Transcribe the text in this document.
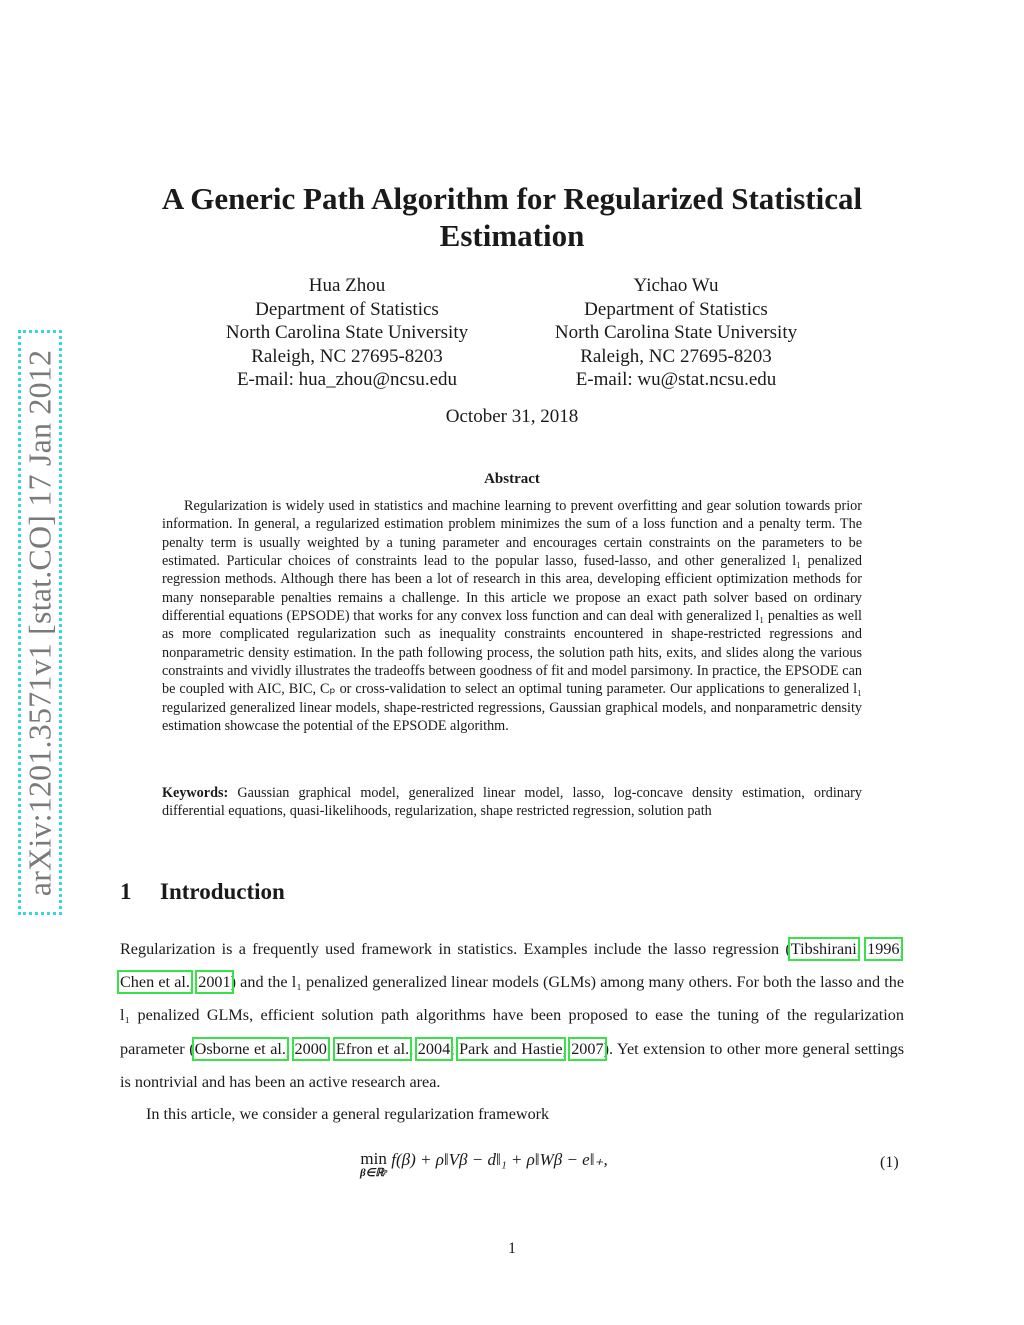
arXiv:1201.3571v1 [stat.CO] 17 Jan 2012
A Generic Path Algorithm for Regularized Statistical Estimation
Hua Zhou
Department of Statistics
North Carolina State University
Raleigh, NC 27695-8203
E-mail: hua_zhou@ncsu.edu
Yichao Wu
Department of Statistics
North Carolina State University
Raleigh, NC 27695-8203
E-mail: wu@stat.ncsu.edu
October 31, 2018
Abstract

Regularization is widely used in statistics and machine learning to prevent overfitting and gear solution towards prior information. In general, a regularized estimation problem minimizes the sum of a loss function and a penalty term. The penalty term is usually weighted by a tuning parameter and encourages certain constraints on the parameters to be estimated. Particular choices of constraints lead to the popular lasso, fused-lasso, and other generalized l₁ penalized regression methods. Although there has been a lot of research in this area, developing efficient optimization methods for many nonseparable penalties remains a challenge. In this article we propose an exact path solver based on ordinary differential equations (EPSODE) that works for any convex loss function and can deal with generalized l₁ penalties as well as more complicated regularization such as inequality constraints encountered in shape-restricted regressions and nonparametric density estimation. In the path following process, the solution path hits, exits, and slides along the various constraints and vividly illustrates the tradeoffs between goodness of fit and model parsimony. In practice, the EPSODE can be coupled with AIC, BIC, Cₚ or cross-validation to select an optimal tuning parameter. Our applications to generalized l₁ regularized generalized linear models, shape-restricted regressions, Gaussian graphical models, and nonparametric density estimation showcase the potential of the EPSODE algorithm.

Keywords: Gaussian graphical model, generalized linear model, lasso, log-concave density estimation, ordinary differential equations, quasi-likelihoods, regularization, shape restricted regression, solution path

1 Introduction

Regularization is a frequently used framework in statistics. Examples include the lasso regression (Tibshirani, 1996; Chen et al., 2001) and the l₁ penalized generalized linear models (GLMs) among many others. For both the lasso and the l₁ penalized GLMs, efficient solution path algorithms have been proposed to ease the tuning of the regularization parameter (Osborne et al., 2000; Efron et al., 2004; Park and Hastie, 2007). Yet extension to other more general settings is nontrivial and has been an active research area.

In this article, we consider a general regularization framework

min
β∈ℝᵖ
f(β) + ρ‖Vβ − d‖₁ + ρ‖Wβ − e‖₊,	(1)
1
